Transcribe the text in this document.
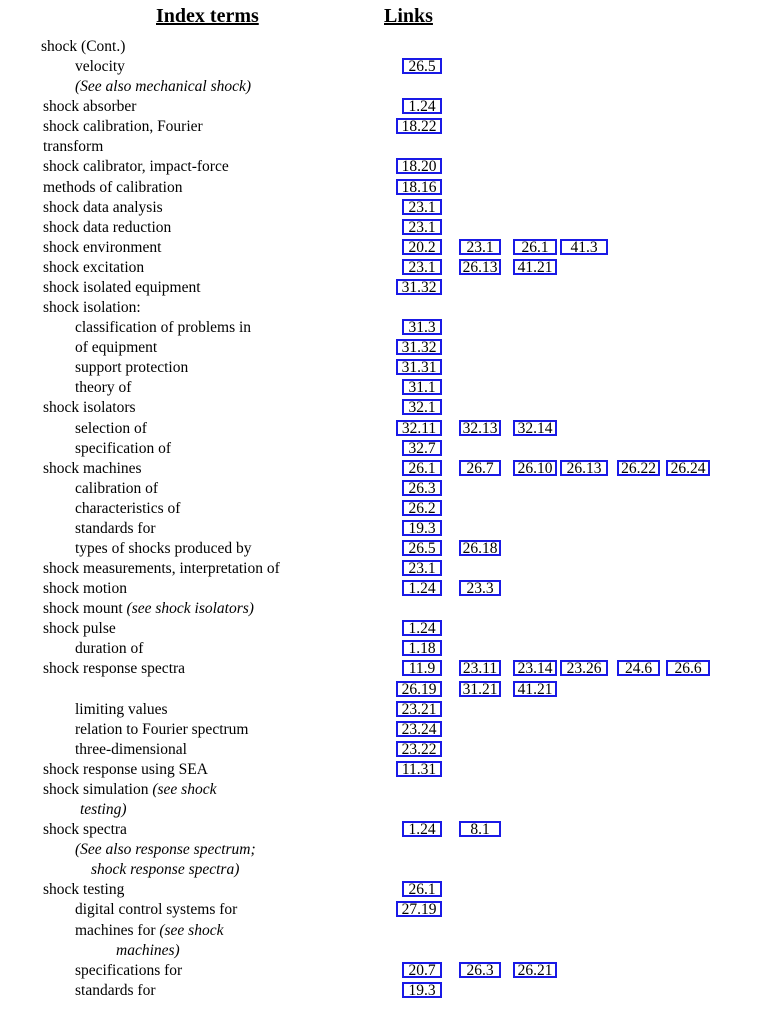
Index terms	Links
shock (Cont.)
velocity	26.5
(See also mechanical shock)
shock absorber	1.24
shock calibration, Fourier	18.22
transform
shock calibrator, impact-force	18.20
methods of calibration	18.16
shock data analysis	23.1
shock data reduction	23.1
shock environment	20.2	23.1	26.1	41.3
shock excitation	23.1	26.13 41.21
shock isolated equipment	31.32
shock isolation:
classification of problems in	31.3
of equipment	31.32
support protection	31.31
theory of	31.1
shock isolators	32.1
selection of	32.11	32.13 32.14
specification of	32.7
shock machines	26.1	26.7	26.10 26.13	26.22 26.24
calibration of	26.3
characteristics of	26.2
standards for	19.3
types of shocks produced by	26.5	26.18
shock measurements, interpretation of	23.1
shock motion	1.24	23.3
shock mount (see shock isolators)
shock pulse	1.24
duration of	1.18
shock response spectra	11.9	23.11 23.14 23.26	24.6	26.6
26.19	31.21 41.21
limiting values	23.21
relation to Fourier spectrum	23.24
three-dimensional	23.22
shock response using SEA	11.31
shock simulation (see shock
testing)
shock spectra	1.24	8.1
(See also response spectrum;
shock response spectra)
shock testing	26.1
digital control systems for	27.19
machines for (see shock
machines)
specifications for	20.7	26.3	26.21
standards for	19.3
